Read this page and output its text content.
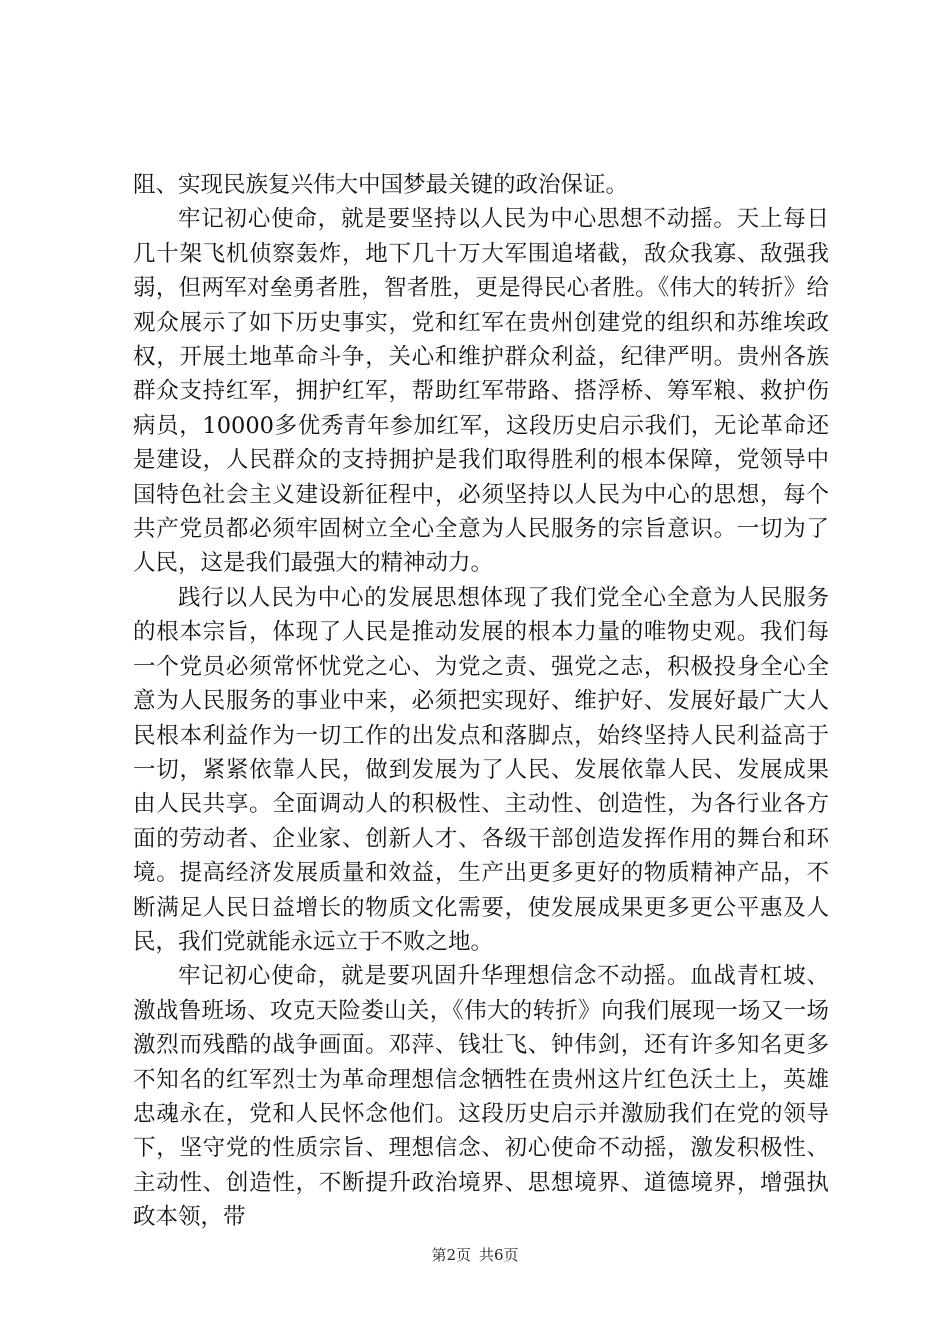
阻、实现民族复兴伟大中国梦最关键的政治保证。

牢记初心使命，就是要坚持以人民为中心思想不动摇。天上每日几十架飞机侦察轰炸，地下几十万大军围追堵截，敌众我寡、敌强我弱，但两军对垒勇者胜，智者胜，更是得民心者胜。《伟大的转折》给观众展示了如下历史事实，党和红军在贵州创建党的组织和苏维埃政权，开展土地革命斗争，关心和维护群众利益，纪律严明。贵州各族群众支持红军，拥护红军，帮助红军带路、搭浮桥、筹军粮、救护伤病员，10000多优秀青年参加红军，这段历史启示我们，无论革命还是建设，人民群众的支持拥护是我们取得胜利的根本保障，党领导中国特色社会主义建设新征程中，必须坚持以人民为中心的思想，每个共产党员都必须牢固树立全心全意为人民服务的宗旨意识。一切为了人民，这是我们最强大的精神动力。

践行以人民为中心的发展思想体现了我们党全心全意为人民服务的根本宗旨，体现了人民是推动发展的根本力量的唯物史观。我们每一个党员必须常怀忧党之心、为党之责、强党之志，积极投身全心全意为人民服务的事业中来，必须把实现好、维护好、发展好最广大人民根本利益作为一切工作的出发点和落脚点，始终坚持人民利益高于一切，紧紧依靠人民，做到发展为了人民、发展依靠人民、发展成果由人民共享。全面调动人的积极性、主动性、创造性，为各行业各方面的劳动者、企业家、创新人才、各级干部创造发挥作用的舞台和环境。提高经济发展质量和效益，生产出更多更好的物质精神产品，不断满足人民日益增长的物质文化需要，使发展成果更多更公平惠及人民，我们党就能永远立于不败之地。

牢记初心使命，就是要巩固升华理想信念不动摇。血战青杠坡、激战鲁班场、攻克天险娄山关，《伟大的转折》向我们展现一场又一场激烈而残酷的战争画面。邓萍、钱壮飞、钟伟剑，还有许多知名更多不知名的红军烈士为革命理想信念牺牲在贵州这片红色沃土上，英雄忠魂永在，党和人民怀念他们。这段历史启示并激励我们在党的领导下，坚守党的性质宗旨、理想信念、初心使命不动摇，激发积极性、主动性、创造性，不断提升政治境界、思想境界、道德境界，增强执政本领，带

第2页 共6页
